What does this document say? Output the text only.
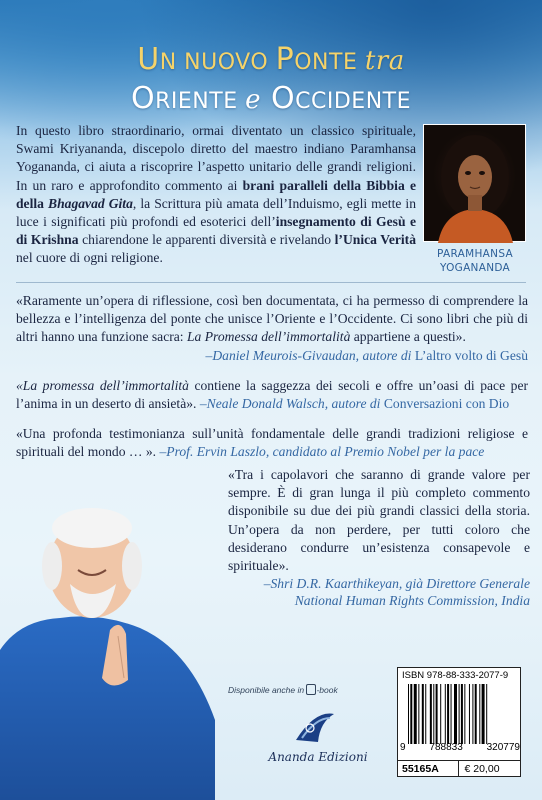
UN NUOVO PONTE tra
ORIENTE e OCCIDENTE

In questo libro straordinario, ormai diventato un classico spirituale, Swami Kriyananda, discepolo diretto del maestro indiano Paramhansa Yogananda, ci aiuta a riscoprire l’aspetto unitario delle grandi religioni. In un raro e approfondito commento ai brani paralleli della Bibbia e della Bhagavad Gita, la Scrittura più amata dell’Induismo, egli mette in luce i significati più profondi ed esoterici dell’insegnamento di Gesù e di Krishna chiarendone le apparenti diversità e rivelando l’Unica Verità nel cuore di ogni religione.	PARAMHANSA
YOGANANDA
«Raramente un’opera di riflessione, così ben documentata, ci ha permesso di comprendere la bellezza e l’intelligenza del ponte che unisce l’Oriente e l’Occidente. Ci sono libri che più di altri hanno una funzione sacra: La Promessa dell’immortalità appartiene a questi».
–Daniel Meurois-Givaudan, autore di L’altro volto di Gesù
«La promessa dell’immortalità contiene la saggezza dei secoli e offre un’oasi di pace per l’anima in un deserto di ansietà». –Neale Donald Walsch, autore di Conversazioni con Dio
«Una profonda testimonianza sull’unità fondamentale delle grandi tradizioni religiose e spirituali del mondo … ». –Prof. Ervin Laszlo, candidato al Premio Nobel per la pace
«Tra i capolavori che saranno di grande valore per sempre. È di gran lunga il più completo commento disponibile su due dei più grandi classici della storia. Un’opera da non perdere, per tutti coloro che desiderano condurre un’esistenza consapevole e spirituale».
–Shri D.R. Kaarthikeyan, già Direttore Generale
National Human Rights Commission, India
Disponibile anche in -book
Ananda Edizioni
ISBN 978-88-333-2077-9
9 788833 320779
55165A	€ 20,00
